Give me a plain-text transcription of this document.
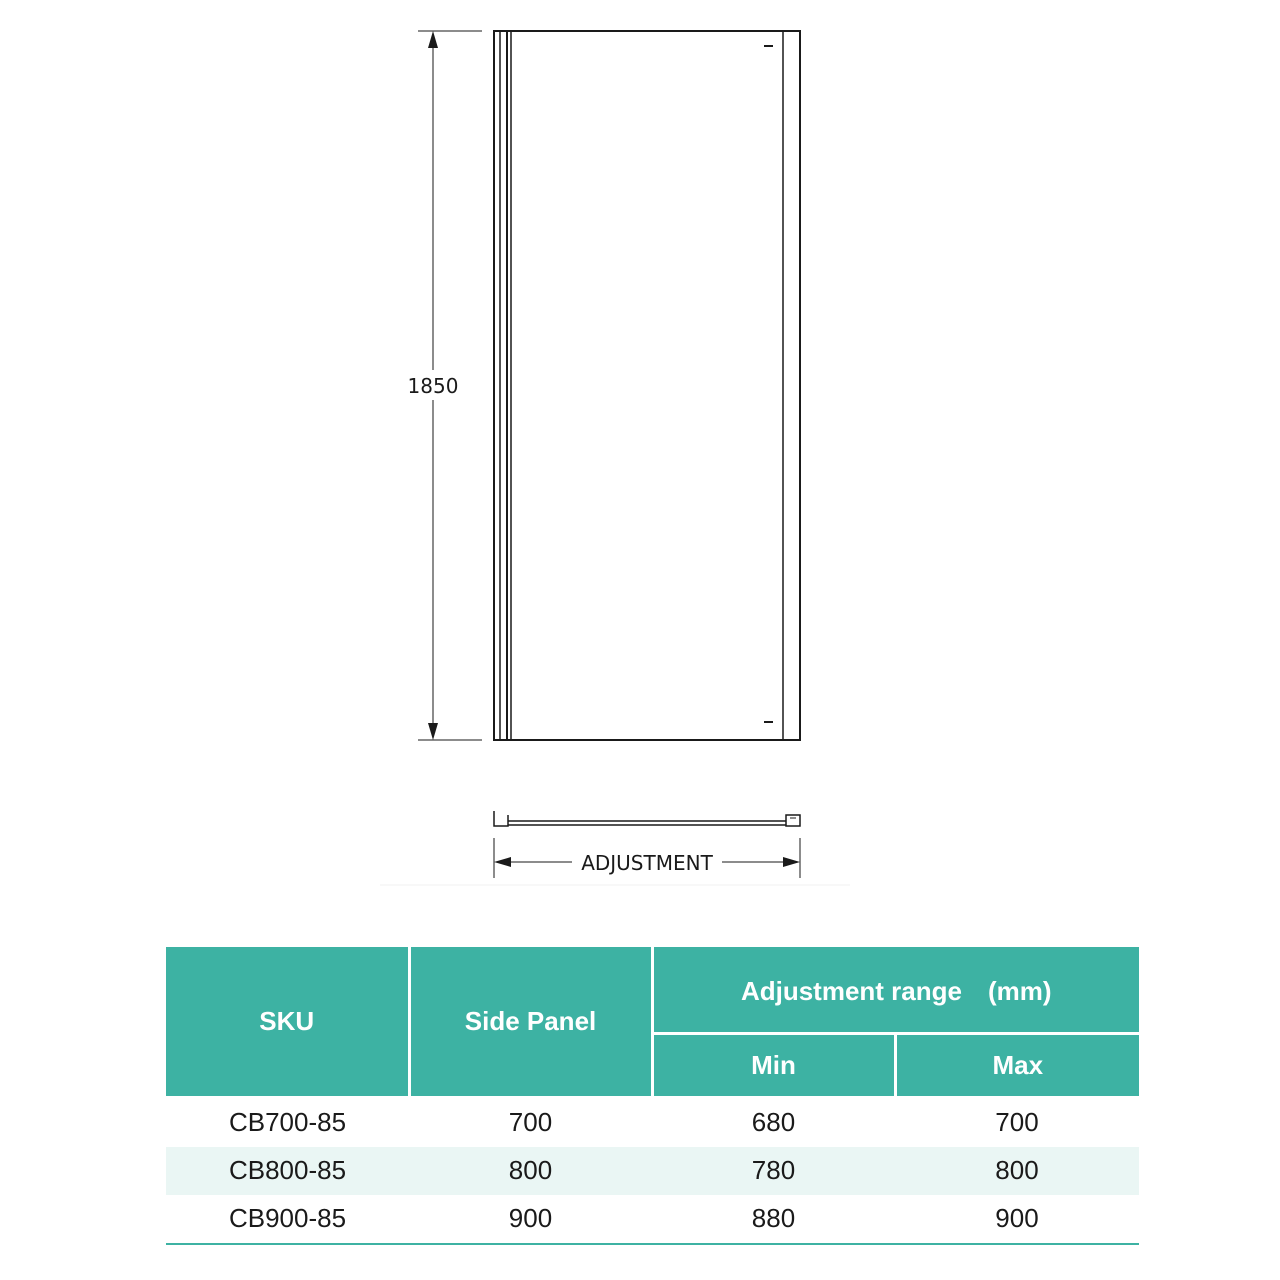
1850
ADJUSTMENT
SKU	Side Panel	Adjustment range　(mm)	
		Min	Max
CB700-85	700	680	700
CB800-85	800	780	800
CB900-85	900	880	900
